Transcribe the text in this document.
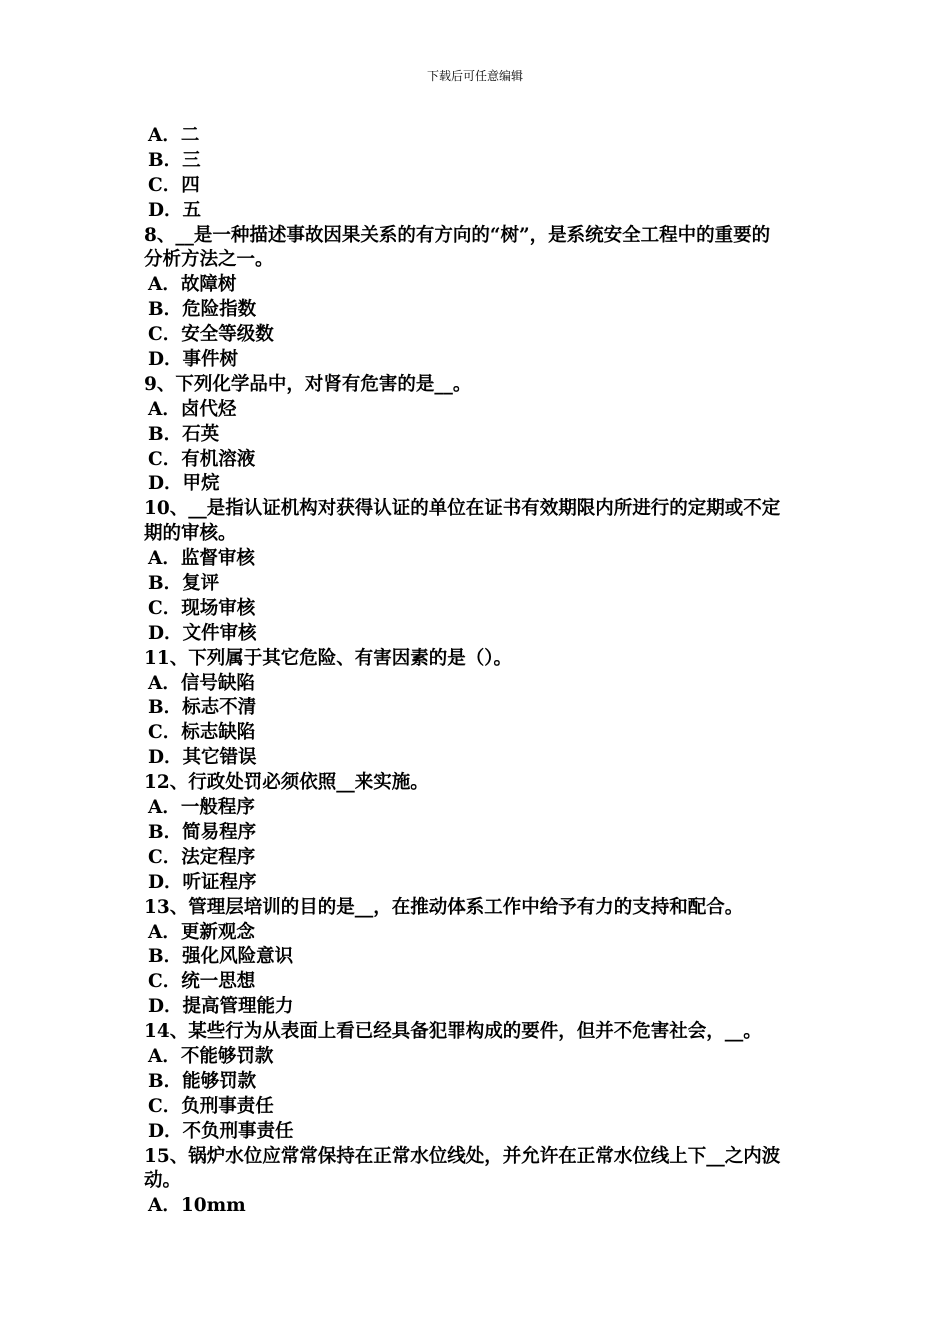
下载后可任意编辑
A．二
B．三
C．四
D．五
8、__是一种描述事故因果关系的有方向的“树”，是系统安全工程中的重要的
分析方法之一。
A．故障树
B．危险指数
C．安全等级数
D．事件树
9、下列化学品中，对肾有危害的是__。
A．卤代烃
B．石英
C．有机溶液
D．甲烷
10、__是指认证机构对获得认证的单位在证书有效期限内所进行的定期或不定
期的审核。
A．监督审核
B．复评
C．现场审核
D．文件审核
11、下列属于其它危险、有害因素的是（）。
A．信号缺陷
B．标志不清
C．标志缺陷
D．其它错误
12、行政处罚必须依照__来实施。
A．一般程序
B．简易程序
C．法定程序
D．听证程序
13、管理层培训的目的是__，在推动体系工作中给予有力的支持和配合。
A．更新观念
B．强化风险意识
C．统一思想
D．提高管理能力
14、某些行为从表面上看已经具备犯罪构成的要件，但并不危害社会，__。
A．不能够罚款
B．能够罚款
C．负刑事责任
D．不负刑事责任
15、锅炉水位应常常保持在正常水位线处，并允许在正常水位线上下__之内波
动。
A．10mm
